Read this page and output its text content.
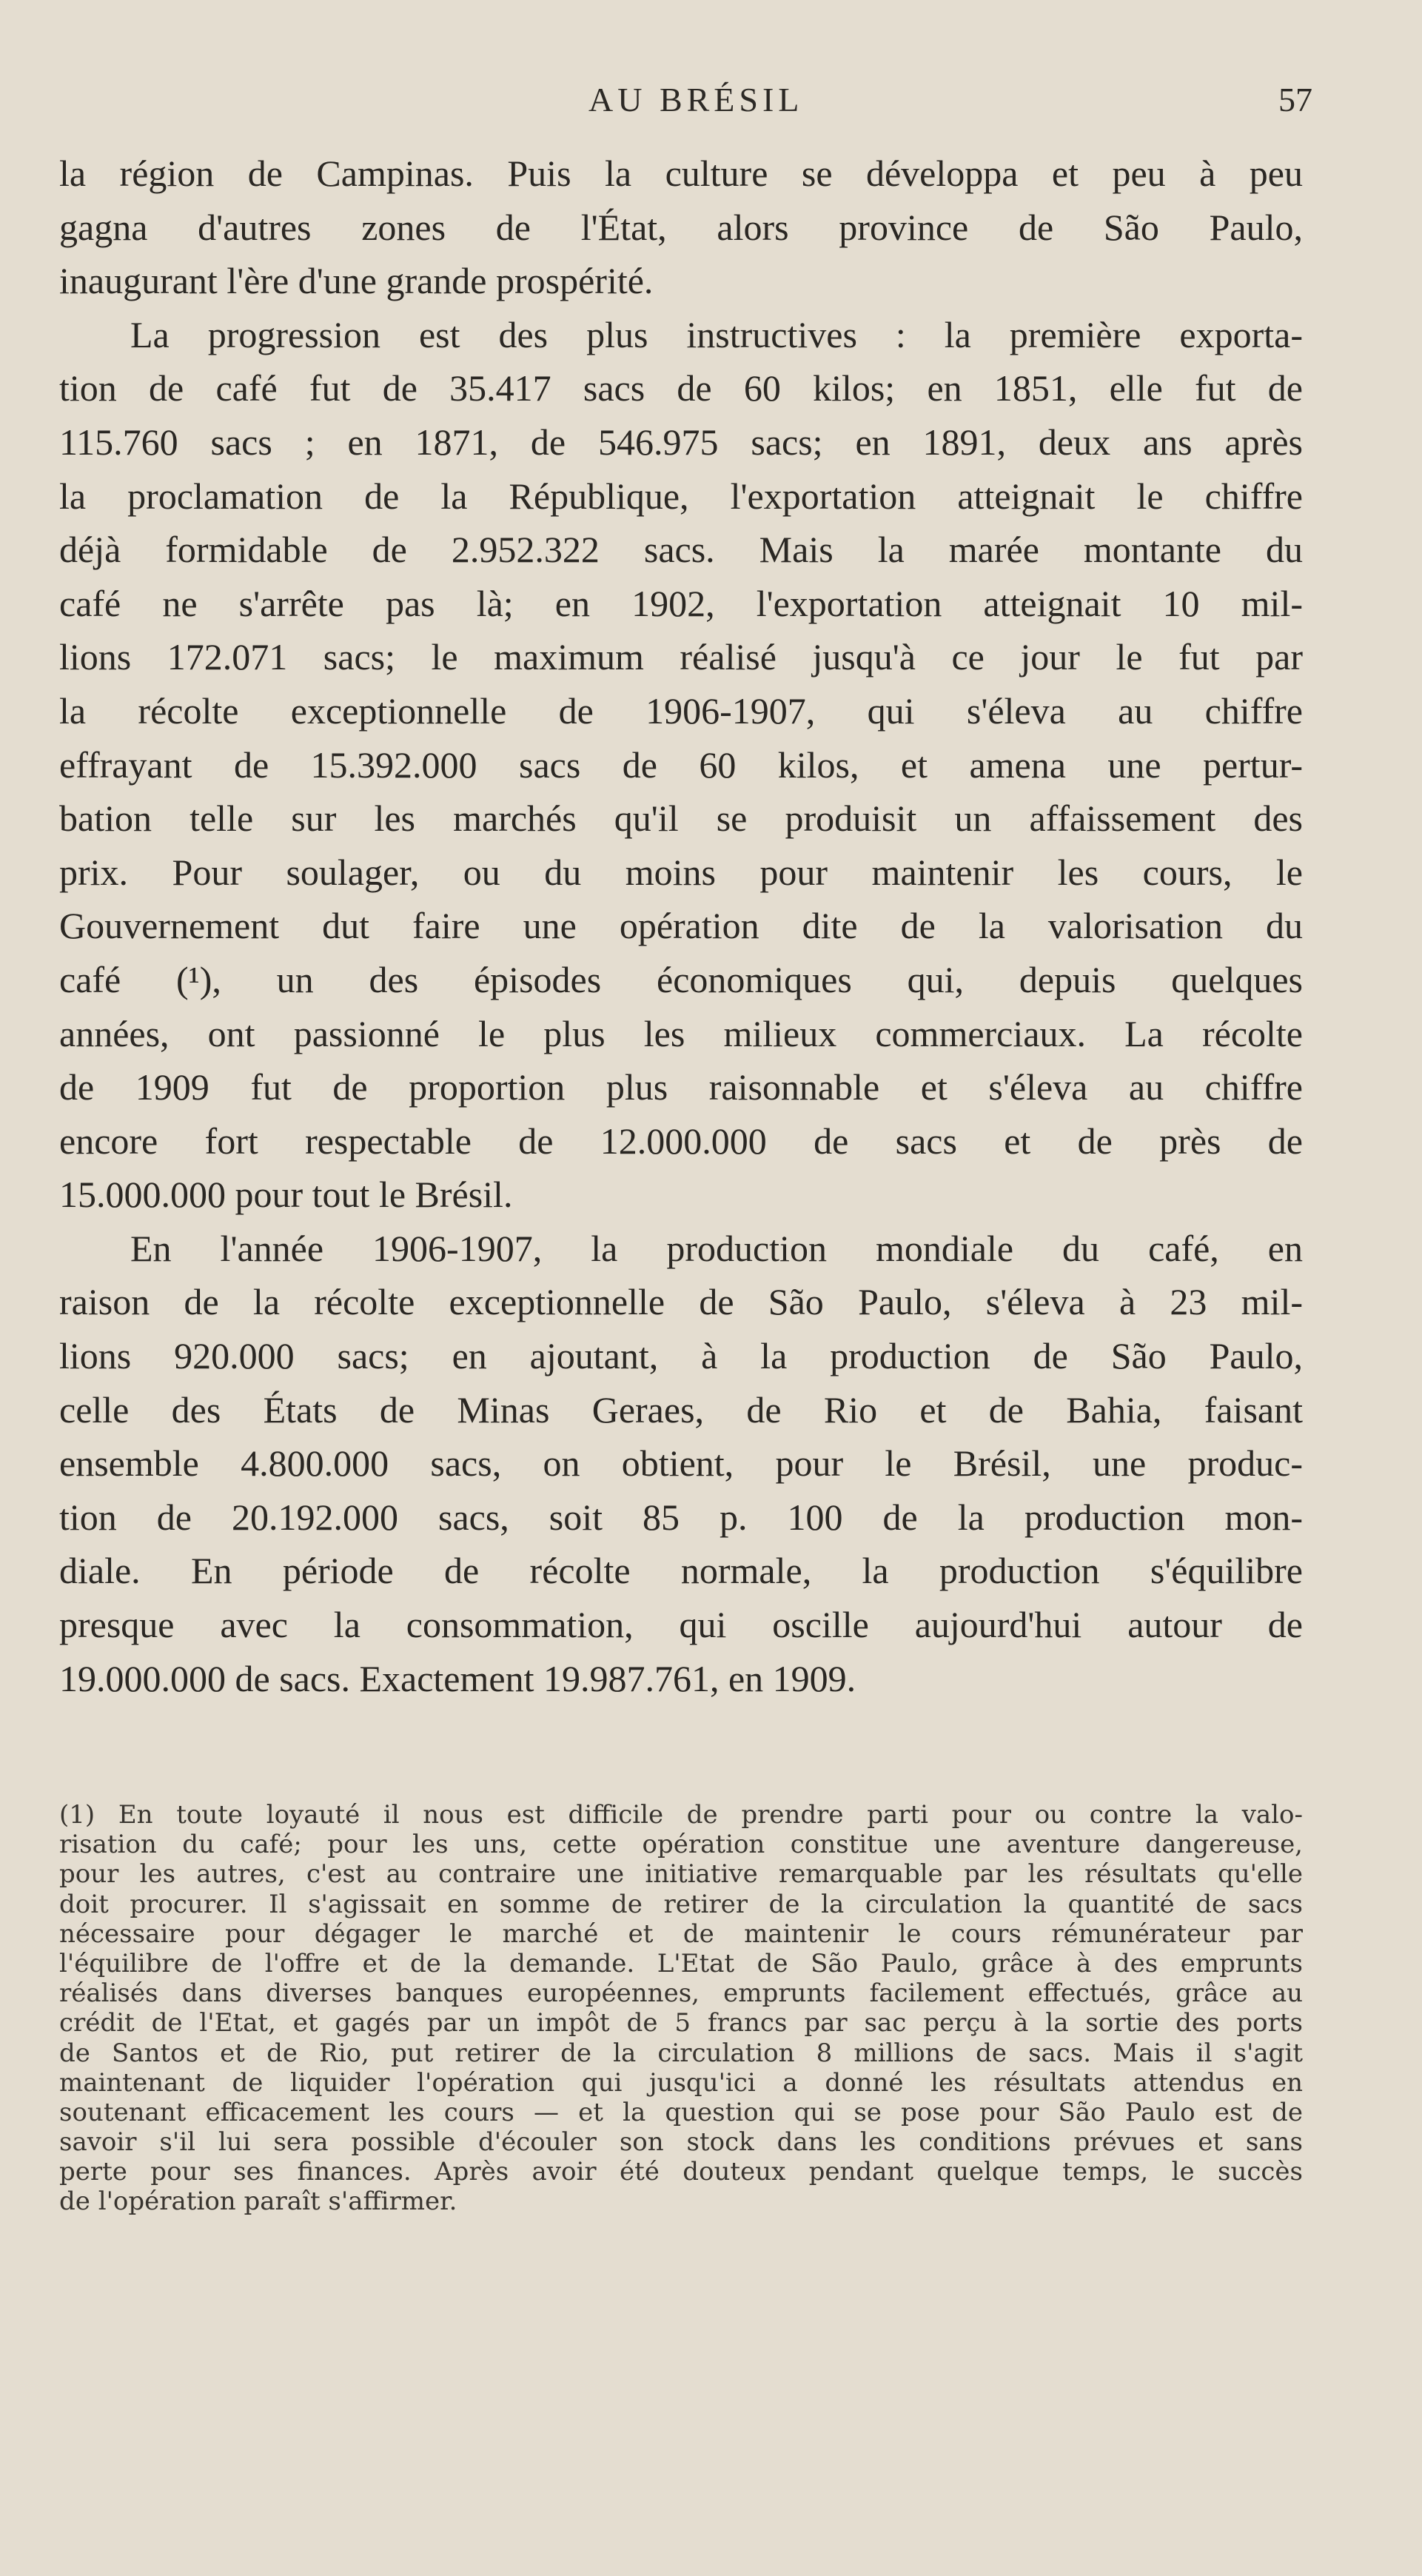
AU BRÉSIL	57
la région de Campinas. Puis la culture se développa et peu à peu
gagna d'autres zones de l'État, alors province de São Paulo,
inaugurant l'ère d'une grande prospérité.
La progression est des plus instructives : la première exporta-
tion de café fut de 35.417 sacs de 60 kilos; en 1851, elle fut de
115.760 sacs ; en 1871, de 546.975 sacs; en 1891, deux ans après
la proclamation de la République, l'exportation atteignait le chiffre
déjà formidable de 2.952.322 sacs. Mais la marée montante du
café ne s'arrête pas là; en 1902, l'exportation atteignait 10 mil-
lions 172.071 sacs; le maximum réalisé jusqu'à ce jour le fut par
la récolte exceptionnelle de 1906-1907, qui s'éleva au chiffre
effrayant de 15.392.000 sacs de 60 kilos, et amena une pertur-
bation telle sur les marchés qu'il se produisit un affaissement des
prix. Pour soulager, ou du moins pour maintenir les cours, le
Gouvernement dut faire une opération dite de la valorisation du
café (¹), un des épisodes économiques qui, depuis quelques
années, ont passionné le plus les milieux commerciaux. La récolte
de 1909 fut de proportion plus raisonnable et s'éleva au chiffre
encore fort respectable de 12.000.000 de sacs et de près de
15.000.000 pour tout le Brésil.
En l'année 1906-1907, la production mondiale du café, en
raison de la récolte exceptionnelle de São Paulo, s'éleva à 23 mil-
lions 920.000 sacs; en ajoutant, à la production de São Paulo,
celle des États de Minas Geraes, de Rio et de Bahia, faisant
ensemble 4.800.000 sacs, on obtient, pour le Brésil, une produc-
tion de 20.192.000 sacs, soit 85 p. 100 de la production mon-
diale. En période de récolte normale, la production s'équilibre
presque avec la consommation, qui oscille aujourd'hui autour de
19.000.000 de sacs. Exactement 19.987.761, en 1909.
(1) En toute loyauté il nous est difficile de prendre parti pour ou contre la valo-
risation du café; pour les uns, cette opération constitue une aventure dangereuse,
pour les autres, c'est au contraire une initiative remarquable par les résultats qu'elle
doit procurer. Il s'agissait en somme de retirer de la circulation la quantité de sacs
nécessaire pour dégager le marché et de maintenir le cours rémunérateur par
l'équilibre de l'offre et de la demande. L'Etat de São Paulo, grâce à des emprunts
réalisés dans diverses banques européennes, emprunts facilement effectués, grâce au
crédit de l'Etat, et gagés par un impôt de 5 francs par sac perçu à la sortie des ports
de Santos et de Rio, put retirer de la circulation 8 millions de sacs. Mais il s'agit
maintenant de liquider l'opération qui jusqu'ici a donné les résultats attendus en
soutenant efficacement les cours — et la question qui se pose pour São Paulo est de
savoir s'il lui sera possible d'écouler son stock dans les conditions prévues et sans
perte pour ses finances. Après avoir été douteux pendant quelque temps, le succès
de l'opération paraît s'affirmer.
